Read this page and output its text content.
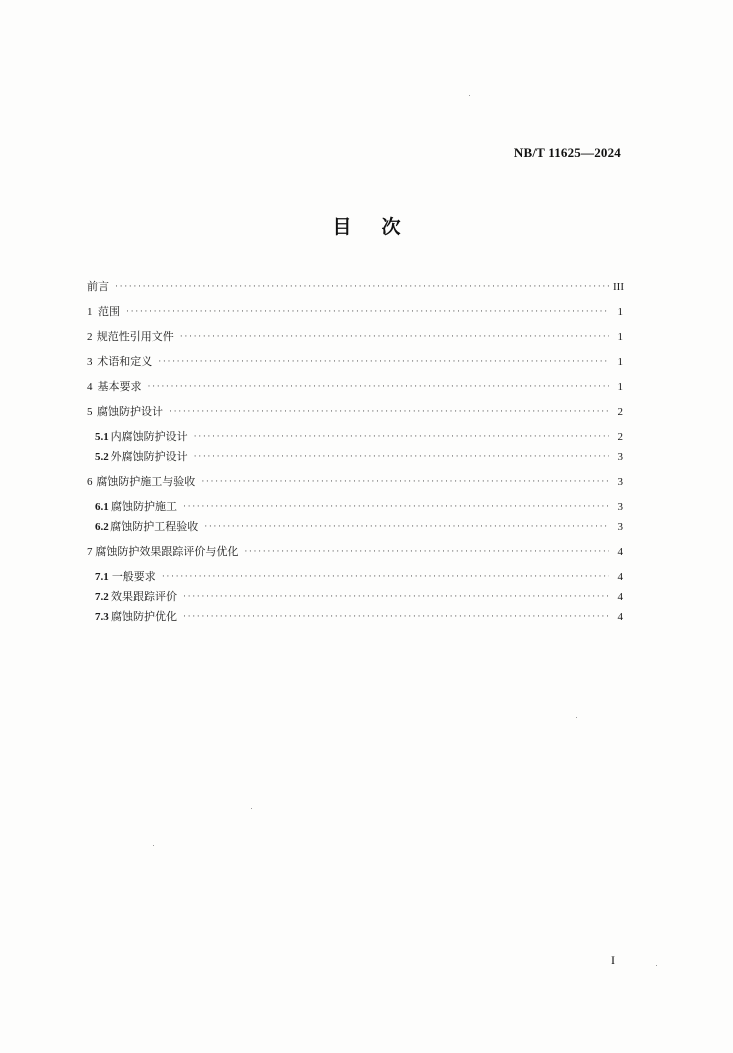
NB/T 11625—2024
目 次
前言 ·····	III
1 范围 ·····	1
2 规范性引用文件 ·····	1
3 术语和定义 ·····	1
4 基本要求 ·····	1
5 腐蚀防护设计 ·····	2
5.1 内腐蚀防护设计 ·····	2
5.2 外腐蚀防护设计 ·····	3
6 腐蚀防护施工与验收 ·····	3
6.1 腐蚀防护施工 ·····	3
6.2 腐蚀防护工程验收 ·····	3
7 腐蚀防护效果跟踪评价与优化 ·····	4
7.1 一般要求 ·····	4
7.2 效果跟踪评价 ·····	4
7.3 腐蚀防护优化 ·····	4
I
